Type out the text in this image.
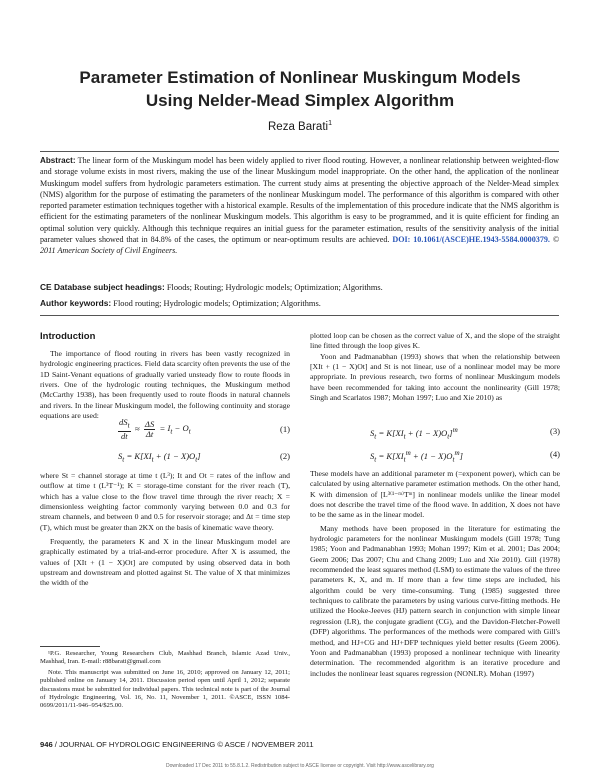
Parameter Estimation of Nonlinear Muskingum Models
Using Nelder-Mead Simplex Algorithm
Reza Barati$^1$

Abstract: The linear form of the Muskingum model has been widely applied to river flood routing. However, a nonlinear relationship between weighted-flow and storage volume exists in most rivers, making the use of the linear Muskingum model inappropriate. On the other hand, the application of the nonlinear Muskingum model suffers from hydrologic parameters estimation. The current study aims at presenting the objective approach of the Nelder-Mead simplex (NMS) algorithm for the purpose of estimating the parameters of the nonlinear Muskingum model. The performance of this algorithm is compared with other reported parameter estimation techniques together with a historical example. Results of the implementation of this procedure indicate that the NMS algorithm is efficient for the estimating parameters of the nonlinear Muskingum models. This algorithm is easy to be programmed, and it is quite efficient for finding an optimal solution very quickly. Although this technique requires an initial guess for the parameter estimation, results of the sensitivity analysis of the initial parameter values showed that in 84.8% of the cases, the optimum or near-optimum results are achieved. DOI: 10.1061/(ASCE)HE.1943-5584.0000379. © 2011 American Society of Civil Engineers.

CE Database subject headings: Floods; Routing; Hydrologic models; Optimization; Algorithms.

Author keywords: Flood routing; Hydrologic models; Optimization; Algorithms.

Introduction

The importance of flood routing in rivers has been vastly recognized in hydrologic engineering practices. Field data scarcity often prevents the use of the 1D Saint-Venant equations of gradually varied unsteady flow to route floods in rivers. One of the hydrologic routing techniques, the Muskingum method (McCarthy 1938), has been frequently used to route floods in natural channels and rivers. In the linear Muskingum model, the following continuity and storage equations are used:

$\frac{dS_t}{dt} \approx \frac{\Delta S}{\Delta t} = I_t - O_t$	(1)
$S_t = K[XI_t + (1 - X)O_t]$	(2)

where St = channel storage at time t (L³); It and Ot = rates of the inflow and outflow at time t (L³T⁻¹); K = storage-time constant for the river reach (T), which has a value close to the flow travel time through the river reach; X = dimensionless weighting factor commonly varying between 0.0 and 0.3 for stream channels, and between 0 and 0.5 for reservoir storage; and Δt = time step (T), which must be greater than 2KX on the basis of kinematic wave theory.

Frequently, the parameters K and X in the linear Muskingum model are graphically estimated by a trial-and-error procedure. After X is assumed, the values of [XIt + (1 − X)Ot] are computed by using observed data in both upstream and downstream and plotted against St. The value of X that minimizes the width of the

¹P.G. Researcher, Young Researchers Club, Mashhad Branch, Islamic Azad Univ., Mashhad, Iran. E-mail: r88barati@gmail.com

Note. This manuscript was submitted on June 16, 2010; approved on January 12, 2011; published online on January 14, 2011. Discussion period open until April 1, 2012; separate discussions must be submitted for individual papers. This technical note is part of the Journal of Hydrologic Engineering, Vol. 16, No. 11, November 1, 2011. ©ASCE, ISSN 1084-0699/2011/11-946–954/$25.00.

plotted loop can be chosen as the correct value of X, and the slope of the straight line fitted through the loop gives K.

Yoon and Padmanabhan (1993) shows that when the relationship between [XIt + (1 − X)Ot] and St is not linear, use of a nonlinear model may be more appropriate. In previous research, two forms of nonlinear Muskingum models have been recommended for taking into account the nonlinearity (Gill 1978; Singh and Scarlatos 1987; Mohan 1997; Luo and Xie 2010) as

$S_t = K[XI_t + (1 - X)O_t]^m$	(3)
$S_t = K[XI_t^m + (1 - X)O_t^m]$	(4)

These models have an additional parameter m (=exponent power), which can be calculated by using alternative parameter estimation methods. On the other hand, K with dimension of [L³⁽¹⁻ᵐ⁾Tᵐ] in nonlinear models unlike the linear model does not describe the travel time of the flood wave. In addition, X does not have to be the same as in the linear model.

Many methods have been proposed in the literature for estimating the hydrologic parameters for the nonlinear Muskingum models (Gill 1978; Tung 1985; Yoon and Padmanabhan 1993; Mohan 1997; Kim et al. 2001; Das 2004; Geem 2006; Das 2007; Chu and Chang 2009; Luo and Xie 2010). Gill (1978) recommended the least squares method (LSM) to estimate the values of the three parameters K, X, and m. If more than a few time steps are included, his algorithm could be very time-consuming. Tung (1985) suggested three techniques to calibrate the parameters by using various curve-fitting methods. He utilized the Hooke-Jeeves (HJ) pattern search in conjunction with simple linear regression (LR), the conjugate gradient (CG), and the Davidon-Fletcher-Powell (DFP) algorithms. The performances of the methods were compared with Gill's method, and HJ+CG and HJ+DFP techniques yield better results (Geem 2006). Yoon and Padmanabhan (1993) proposed a nonlinear technique with linearity determination. The recommended algorithm is an iterative procedure and includes the nonlinear least squares regression (NONLR). Mohan (1997)

946 / JOURNAL OF HYDROLOGIC ENGINEERING © ASCE / NOVEMBER 2011
Downloaded 17 Dec 2011 to 55.8.1.2. Redistribution subject to ASCE license or copyright. Visit http://www.ascelibrary.org
